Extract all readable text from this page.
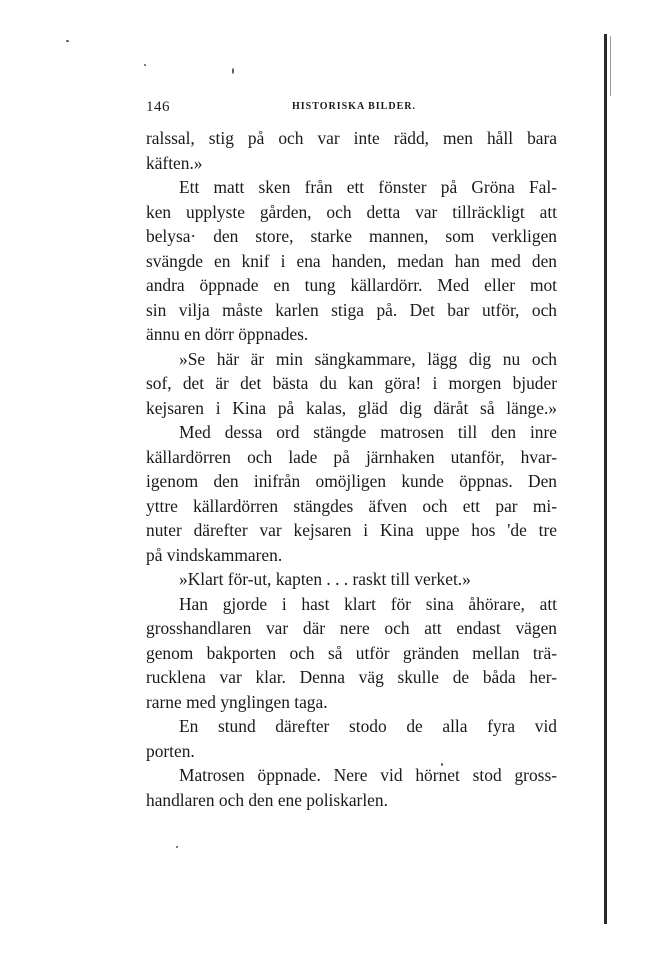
146	HISTORISKA BILDER.
ralssal, stig på och var inte rädd, men håll bara
käften.»
Ett matt sken från ett fönster på Gröna Fal-
ken upplyste gården, och detta var tillräckligt att
belysa· den store, starke mannen, som verkligen
svängde en knif i ena handen, medan han med den
andra öppnade en tung källardörr. Med eller mot
sin vilja måste karlen stiga på. Det bar utför, och
ännu en dörr öppnades.
»Se här är min sängkammare, lägg dig nu och
sof, det är det bästa du kan göra! i morgen bjuder
kejsaren i Kina på kalas, gläd dig däråt så länge.»
Med dessa ord stängde matrosen till den inre
källardörren och lade på järnhaken utanför, hvar-
igenom den inifrån omöjligen kunde öppnas. Den
yttre källardörren stängdes äfven och ett par mi-
nuter därefter var kejsaren i Kina uppe hos 'de tre
på vindskammaren.
»Klart för-ut, kapten . . . raskt till verket.»
Han gjorde i hast klart för sina åhörare, att
grosshandlaren var där nere och att endast vägen
genom bakporten och så utför gränden mellan trä-
rucklena var klar. Denna väg skulle de båda her-
rarne med ynglingen taga.
En stund därefter stodo de alla fyra vid
porten.
Matrosen öppnade. Nere vid hörnet stod gross-
handlaren och den ene poliskarlen.
